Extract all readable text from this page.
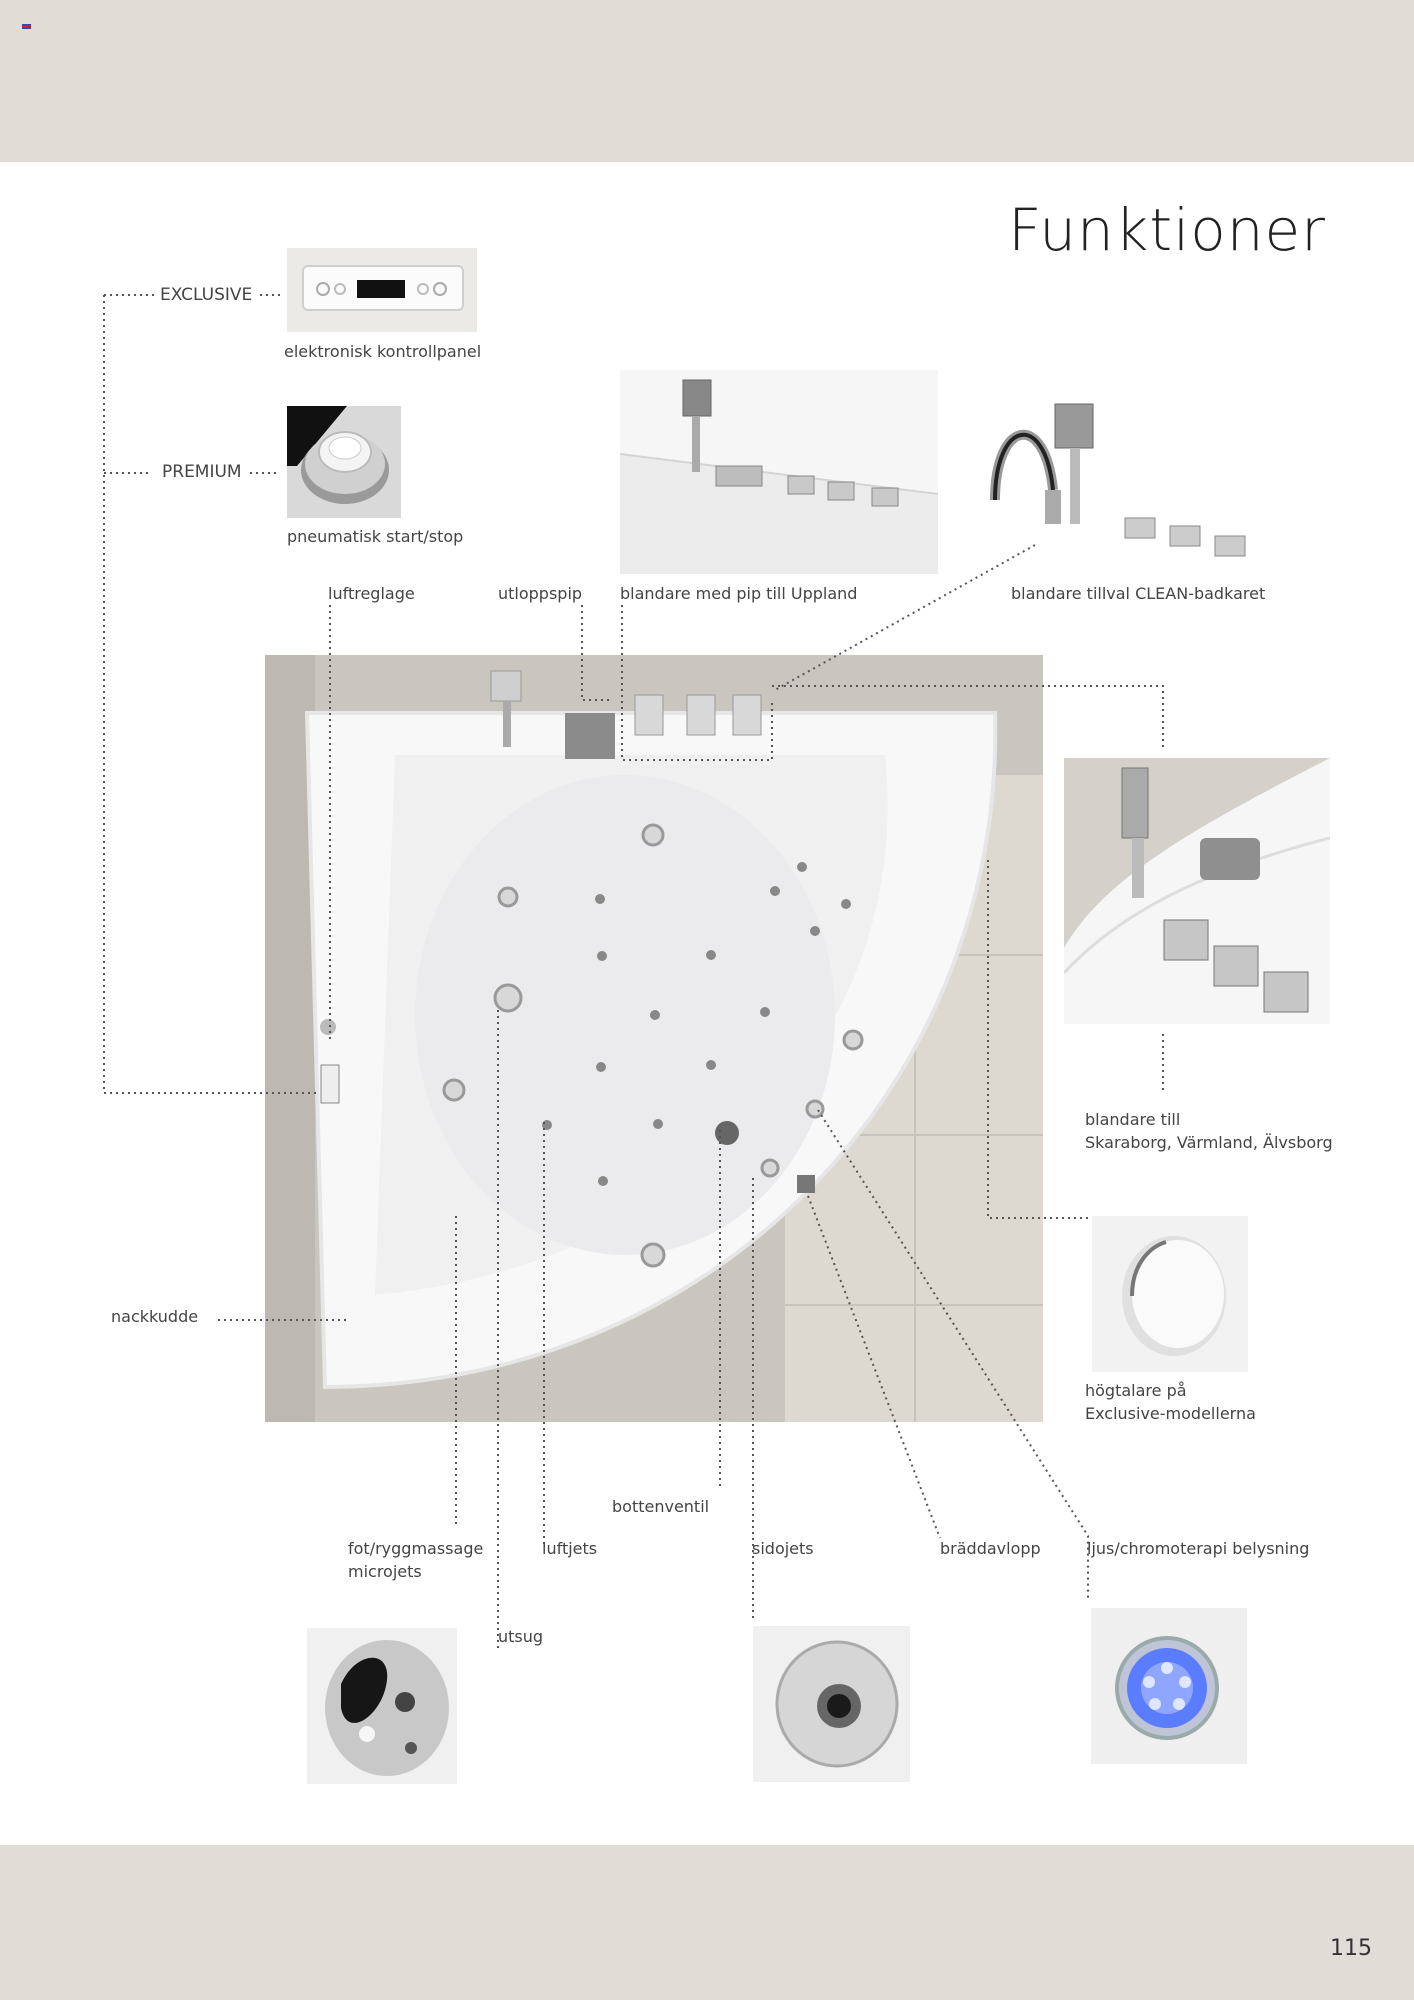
Funktioner
EXCLUSIVE
elektronisk kontrollpanel
PREMIUM
pneumatisk start/stop
luftreglage	utloppspip blandare med pip till Uppland	blandare tillval CLEAN-badkaret
blandare till
Skaraborg, Värmland, Älvsborg
högtalare på
Exclusive-modellerna
nackkudde
bottenventil
fot/ryggmassage
microjets
luftjets	sidojets	bräddavlopp	ljus/chromoterapi belysning
utsug
115
